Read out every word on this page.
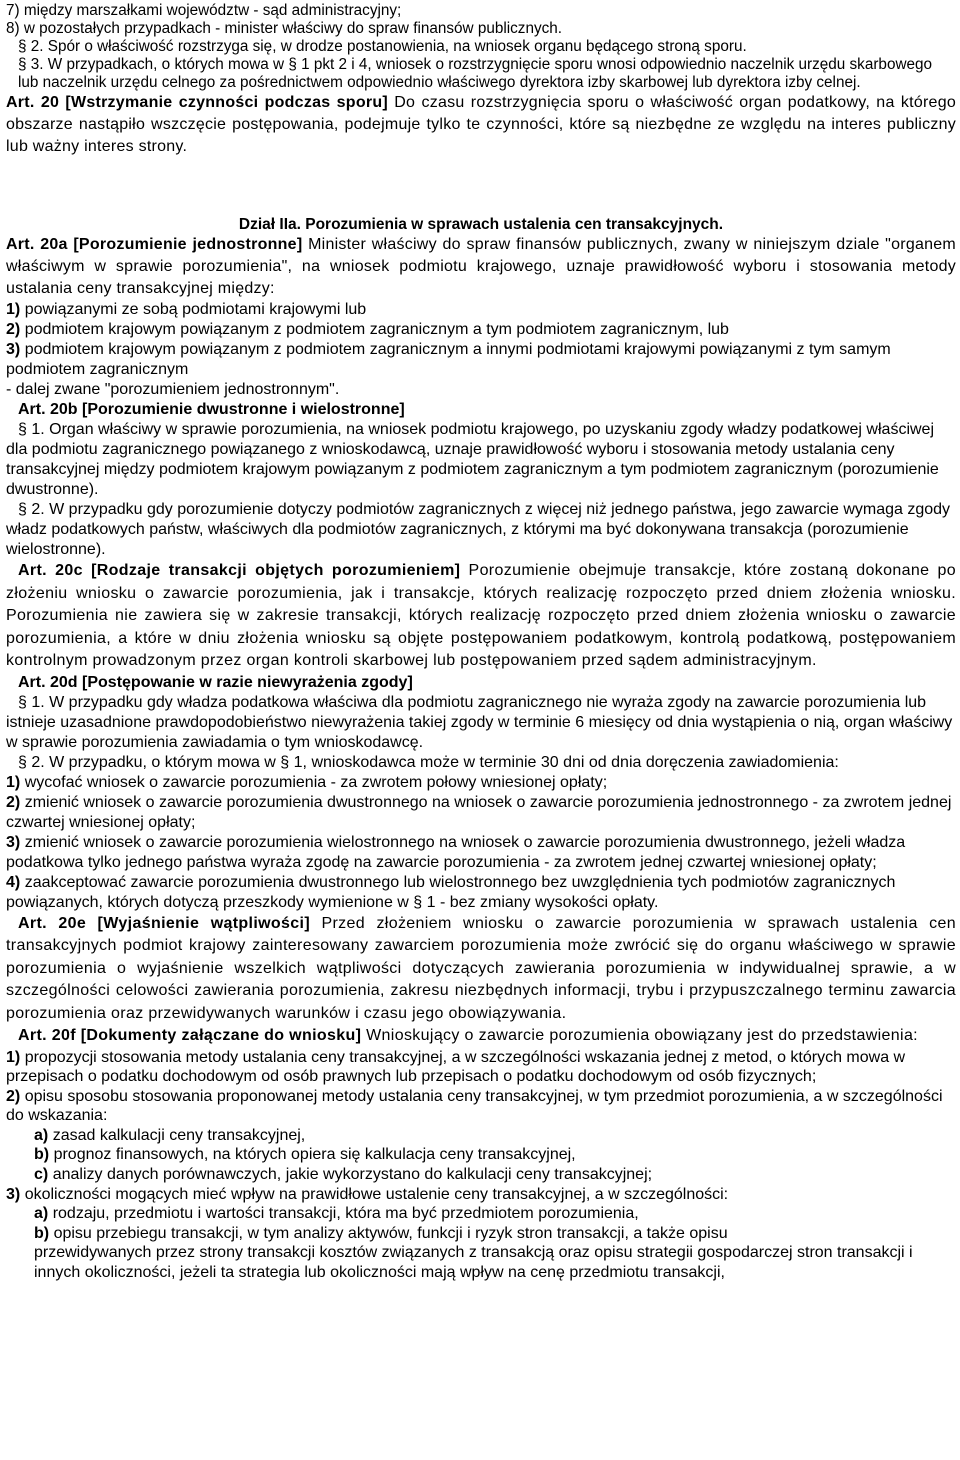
7) między marszałkami województw - sąd administracyjny;

8) w pozostałych przypadkach - minister właściwy do spraw finansów publicznych.

§ 2. Spór o właściwość rozstrzyga się, w drodze postanowienia, na wniosek organu będącego stroną sporu.

§ 3. W przypadkach, o których mowa w § 1 pkt 2 i 4, wniosek o rozstrzygnięcie sporu wnosi odpowiednio naczelnik urzędu skarbowego lub naczelnik urzędu celnego za pośrednictwem odpowiednio właściwego dyrektora izby skarbowej lub dyrektora izby celnej.

Art. 20 [Wstrzymanie czynności podczas sporu] Do czasu rozstrzygnięcia sporu o właściwość organ podatkowy, na którego obszarze nastąpiło wszczęcie postępowania, podejmuje tylko te czynności, które są niezbędne ze względu na interes publiczny lub ważny interes strony.

Dział IIa. Porozumienia w sprawach ustalenia cen transakcyjnych.

Art. 20a [Porozumienie jednostronne] Minister właściwy do spraw finansów publicznych, zwany w niniejszym dziale "organem właściwym w sprawie porozumienia", na wniosek podmiotu krajowego, uznaje prawidłowość wyboru i stosowania metody ustalania ceny transakcyjnej między:

1) powiązanymi ze sobą podmiotami krajowymi lub

2) podmiotem krajowym powiązanym z podmiotem zagranicznym a tym podmiotem zagranicznym, lub

3) podmiotem krajowym powiązanym z podmiotem zagranicznym a innymi podmiotami krajowymi powiązanymi z tym samym podmiotem zagranicznym

- dalej zwane "porozumieniem jednostronnym".

Art. 20b [Porozumienie dwustronne i wielostronne]

§ 1. Organ właściwy w sprawie porozumienia, na wniosek podmiotu krajowego, po uzyskaniu zgody władzy podatkowej właściwej dla podmiotu zagranicznego powiązanego z wnioskodawcą, uznaje prawidłowość wyboru i stosowania metody ustalania ceny transakcyjnej między podmiotem krajowym powiązanym z podmiotem zagranicznym a tym podmiotem zagranicznym (porozumienie dwustronne).

§ 2. W przypadku gdy porozumienie dotyczy podmiotów zagranicznych z więcej niż jednego państwa, jego zawarcie wymaga zgody władz podatkowych państw, właściwych dla podmiotów zagranicznych, z którymi ma być dokonywana transakcja (porozumienie wielostronne).

Art. 20c [Rodzaje transakcji objętych porozumieniem] Porozumienie obejmuje transakcje, które zostaną dokonane po złożeniu wniosku o zawarcie porozumienia, jak i transakcje, których realizację rozpoczęto przed dniem złożenia wniosku. Porozumienia nie zawiera się w zakresie transakcji, których realizację rozpoczęto przed dniem złożenia wniosku o zawarcie porozumienia, a które w dniu złożenia wniosku są objęte postępowaniem podatkowym, kontrolą podatkową, postępowaniem kontrolnym prowadzonym przez organ kontroli skarbowej lub postępowaniem przed sądem administracyjnym.

Art. 20d [Postępowanie w razie niewyrażenia zgody]

§ 1. W przypadku gdy władza podatkowa właściwa dla podmiotu zagranicznego nie wyraża zgody na zawarcie porozumienia lub istnieje uzasadnione prawdopodobieństwo niewyrażenia takiej zgody w terminie 6 miesięcy od dnia wystąpienia o nią, organ właściwy w sprawie porozumienia zawiadamia o tym wnioskodawcę.

§ 2. W przypadku, o którym mowa w § 1, wnioskodawca może w terminie 30 dni od dnia doręczenia zawiadomienia:

1) wycofać wniosek o zawarcie porozumienia - za zwrotem połowy wniesionej opłaty;

2) zmienić wniosek o zawarcie porozumienia dwustronnego na wniosek o zawarcie porozumienia jednostronnego - za zwrotem jednej czwartej wniesionej opłaty;

3) zmienić wniosek o zawarcie porozumienia wielostronnego na wniosek o zawarcie porozumienia dwustronnego, jeżeli władza podatkowa tylko jednego państwa wyraża zgodę na zawarcie porozumienia - za zwrotem jednej czwartej wniesionej opłaty;

4) zaakceptować zawarcie porozumienia dwustronnego lub wielostronnego bez uwzględnienia tych podmiotów zagranicznych powiązanych, których dotyczą przeszkody wymienione w § 1 - bez zmiany wysokości opłaty.

Art. 20e [Wyjaśnienie wątpliwości] Przed złożeniem wniosku o zawarcie porozumienia w sprawach ustalenia cen transakcyjnych podmiot krajowy zainteresowany zawarciem porozumienia może zwrócić się do organu właściwego w sprawie porozumienia o wyjaśnienie wszelkich wątpliwości dotyczących zawierania porozumienia w indywidualnej sprawie, a w szczególności celowości zawierania porozumienia, zakresu niezbędnych informacji, trybu i przypuszczalnego terminu zawarcia porozumienia oraz przewidywanych warunków i czasu jego obowiązywania.

Art. 20f [Dokumenty załączane do wniosku] Wnioskujący o zawarcie porozumienia obowiązany jest do przedstawienia:

1) propozycji stosowania metody ustalania ceny transakcyjnej, a w szczególności wskazania jednej z metod, o których mowa w przepisach o podatku dochodowym od osób prawnych lub przepisach o podatku dochodowym od osób fizycznych;

2) opisu sposobu stosowania proponowanej metody ustalania ceny transakcyjnej, w tym przedmiot porozumienia, a w szczególności do wskazania:

a) zasad kalkulacji ceny transakcyjnej,

b) prognoz finansowych, na których opiera się kalkulacja ceny transakcyjnej,

c) analizy danych porównawczych, jakie wykorzystano do kalkulacji ceny transakcyjnej;

3) okoliczności mogących mieć wpływ na prawidłowe ustalenie ceny transakcyjnej, a w szczególności:

a) rodzaju, przedmiotu i wartości transakcji, która ma być przedmiotem porozumienia,

b) opisu przebiegu transakcji, w tym analizy aktywów, funkcji i ryzyk stron transakcji, a także opisu

przewidywanych przez strony transakcji kosztów związanych z transakcją oraz opisu strategii gospodarczej stron transakcji i innych okoliczności, jeżeli ta strategia lub okoliczności mają wpływ na cenę przedmiotu transakcji,
